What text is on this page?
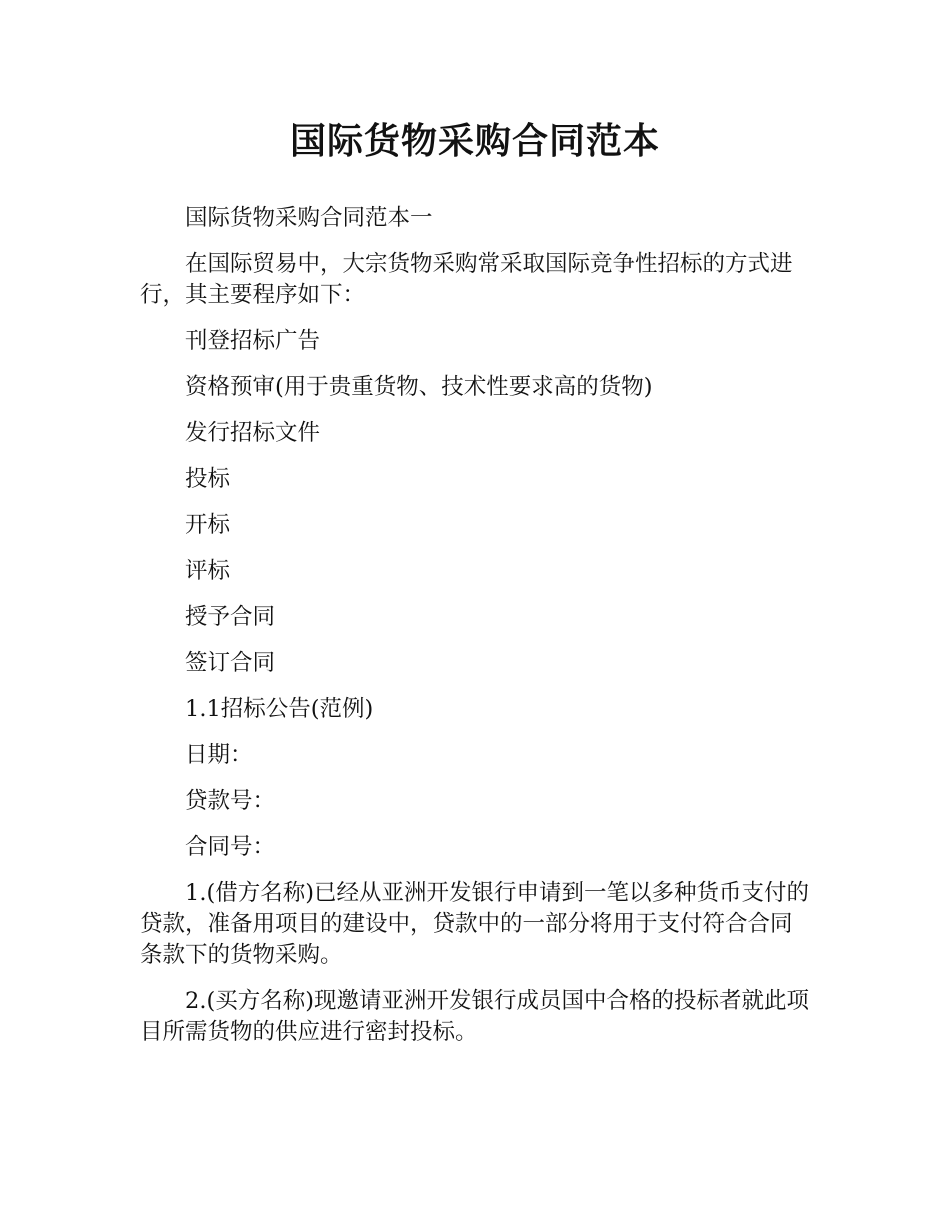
国际货物采购合同范本

国际货物采购合同范本一

在国际贸易中，大宗货物采购常采取国际竞争性招标的方式进行，其主要程序如下：

刊登招标广告

资格预审(用于贵重货物、技术性要求高的货物)

发行招标文件

投标

开标

评标

授予合同

签订合同

1.1招标公告(范例)

日期：

贷款号：

合同号：

1.(借方名称)已经从亚洲开发银行申请到一笔以多种货币支付的贷款，准备用项目的建设中，贷款中的一部分将用于支付符合合同条款下的货物采购。

2.(买方名称)现邀请亚洲开发银行成员国中合格的投标者就此项目所需货物的供应进行密封投标。
